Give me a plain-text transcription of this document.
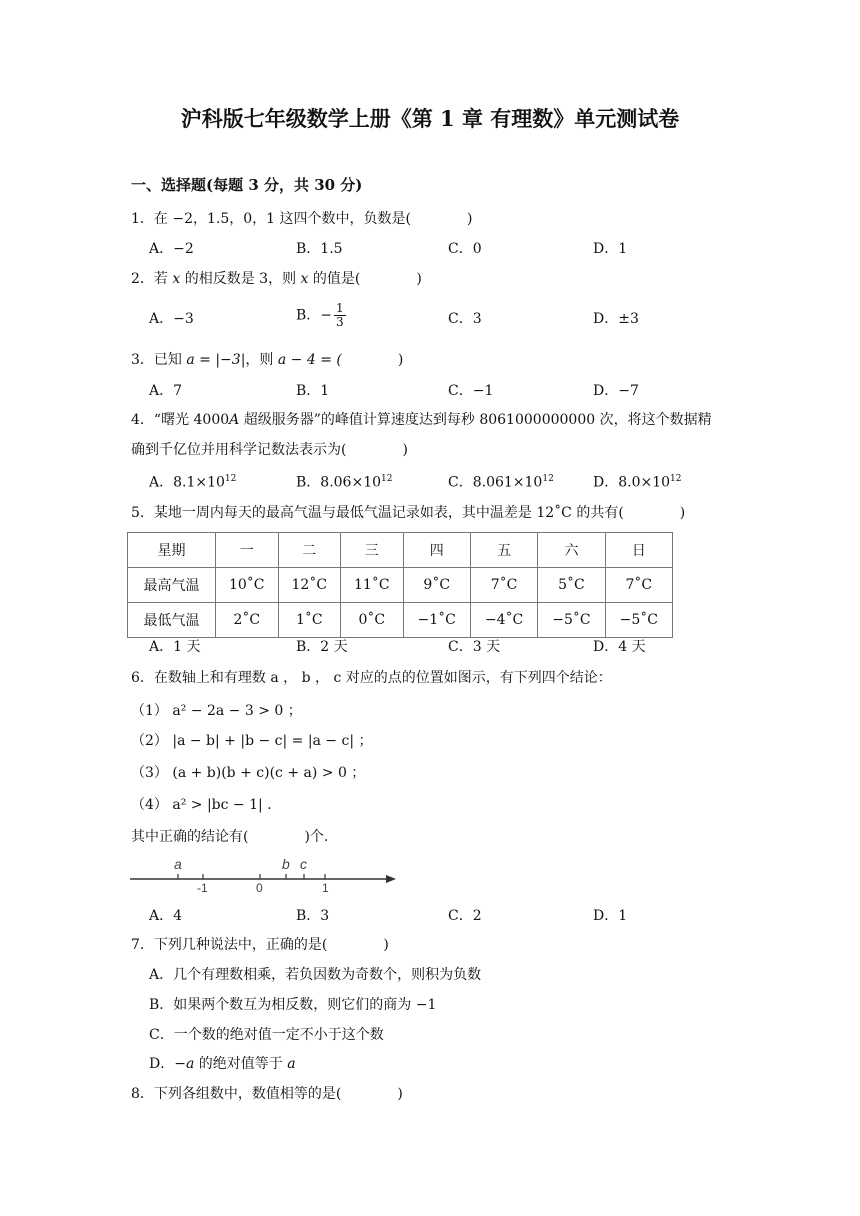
沪科版七年级数学上册《第 1 章 有理数》单元测试卷
一、选择题(每题 3 分，共 30 分)
1．在 −2，1.5，0，1 这四个数中，负数是(　　　　)
A．−2	B．1.5	C．0	D．1
2．若 x 的相反数是 3，则 x 的值是(　　　　)
A．−3	B．− $\frac{1}{3}$	C．3	D．±3
3．已知 a = |−3|，则 a − 4 = (　　　　)
A．7	B．1	C．−1	D．−7
4．“曙光 4000A 超级服务器”的峰值计算速度达到每秒 8061000000000 次，将这个数据精
确到千亿位并用科学记数法表示为(　　　　)
A．$8.1\times 10^{12}$	B．$8.06\times 10^{12}$	C．$8.061\times 10^{12}$	D．$8.0\times 10^{12}$
5．某地一周内每天的最高气温与最低气温记录如表，其中温差是 12˚C 的共有(　　　　)
星期	一	二	三	四	五	六	日
最高气温	10˚C	12˚C	11˚C	9˚C	7˚C	5˚C	7˚C
最低气温	2˚C	1˚C	0˚C	−1˚C	−4˚C	−5˚C	−5˚C
A．1 天	B．2 天	C．3 天	D．4 天
6．在数轴上和有理数 a ， b ， c 对应的点的位置如图示，有下列四个结论：
（1） a² − 2a − 3 > 0 ；
（2） |a − b| + |b − c| = |a − c| ；
（3） (a + b)(b + c)(c + a) > 0 ；
（4） a² > |bc − 1| .
其中正确的结论有(　　　　)个.
a	b c
-1	0	1
A．4	B．3	C．2	D．1
7．下列几种说法中，正确的是(　　　　)
A．几个有理数相乘，若负因数为奇数个，则积为负数
B．如果两个数互为相反数，则它们的商为 −1
C．一个数的绝对值一定不小于这个数
D．−a 的绝对值等于 a
8．下列各组数中，数值相等的是(　　　　)
